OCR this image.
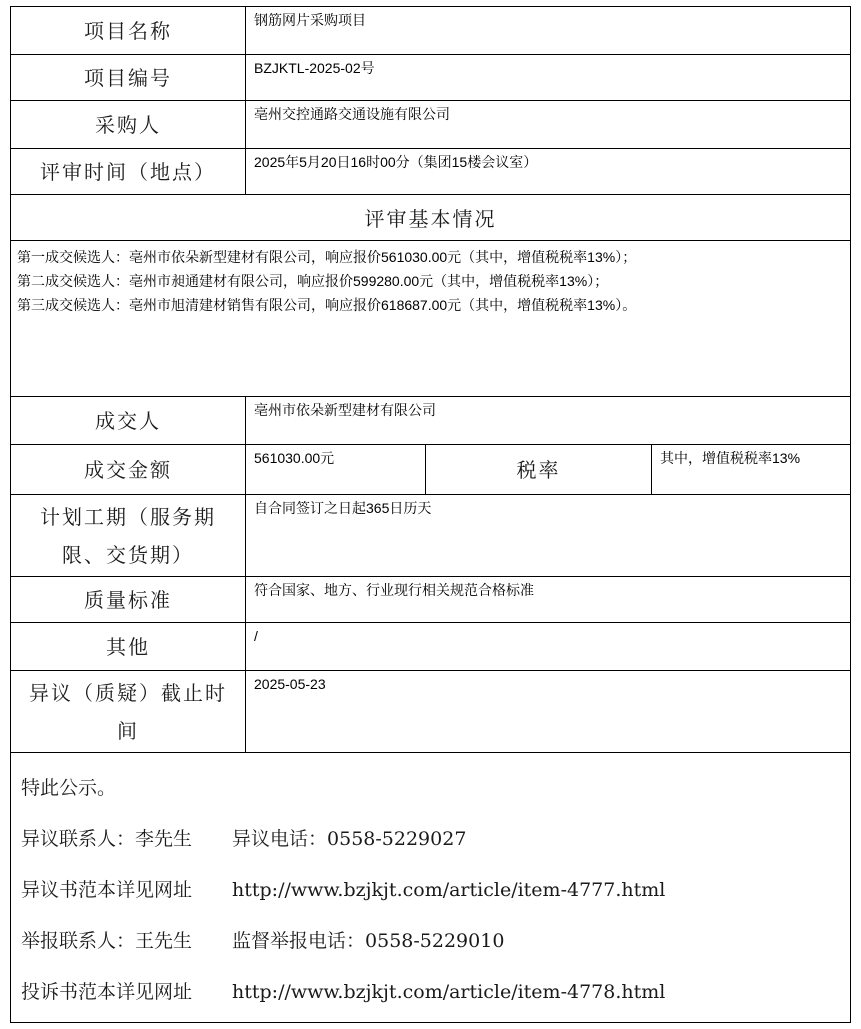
项目名称	钢筋网片采购项目		
项目编号	BZJKTL-2025-02号		
采购人	亳州交控通路交通设施有限公司		
评审时间（地点）	2025年5月20日16时00分（集团15楼会议室）		
评审基本情况			

第一成交候选人：亳州市依朵新型建材有限公司，响应报价561030.00元（其中，增值税税率13%）；
第二成交候选人：亳州市昶通建材有限公司，响应报价599280.00元（其中，增值税税率13%）；
第三成交候选人：亳州市旭清建材销售有限公司，响应报价618687.00元（其中，增值税税率13%）。			

成交人	亳州市依朵新型建材有限公司		
成交金额	561030.00元	税率	其中，增值税税率13%
计划工期（服务期限、交货期）	自合同签订之日起365日历天		
质量标准	符合国家、地方、行业现行相关规范合格标准		
其他	/		
异议（质疑）截止时间	2025-05-23		

特此公示。
异议联系人：李先生 异议电话：0558-5229027
异议书范本详见网址 http://www.bzjkjt.com/article/item-4777.html
举报联系人：王先生 监督举报电话：0558-5229010
投诉书范本详见网址 http://www.bzjkjt.com/article/item-4778.html			
